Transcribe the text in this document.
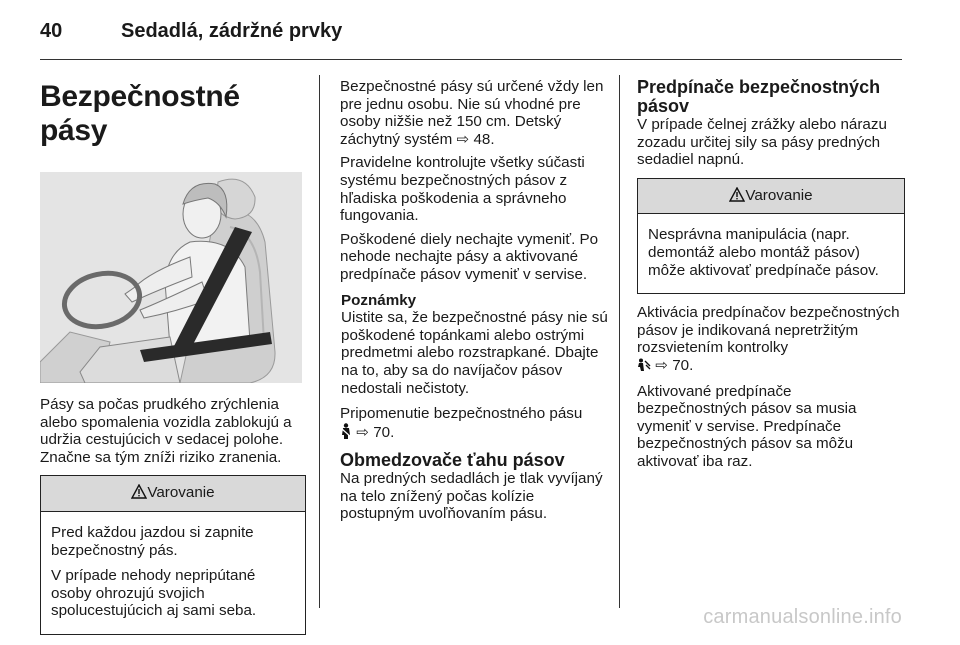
40	Sedadlá, zádržné prvky
Bezpečnostné pásy

Pásy sa počas prudkého zrýchlenia alebo spomalenia vozidla zablokujú a udržia cestujúcich v sedacej polohe. Značne sa tým zníži riziko zranenia.

Varovanie

Pred každou jazdou si zapnite bezpečnostný pás.

V prípade nehody nepripútané osoby ohrozujú svojich spolucestujúcich aj sami seba.

Bezpečnostné pásy sú určené vždy len pre jednu osobu. Nie sú vhodné pre osoby nižšie než 150 cm. Detský záchytný systém ⇨ 48.

Pravidelne kontrolujte všetky súčasti systému bezpečnostných pásov z hľadiska poškodenia a správneho fungovania.

Poškodené diely nechajte vymeniť. Po nehode nechajte pásy a aktivované predpínače pásov vymeniť v servise.

Poznámky
Uistite sa, že bezpečnostné pásy nie sú poškodené topánkami alebo ostrými predmetmi alebo rozstrapkané. Dbajte na to, aby sa do navíjačov pásov nedostali nečistoty.

Pripomenutie bezpečnostného pásu
⇨ 70.

Obmedzovače ťahu pásov

Na predných sedadlách je tlak vyvíjaný na telo znížený počas kolízie postupným uvoľňovaním pásu.

Predpínače bezpečnostných
pásov

V prípade čelnej zrážky alebo nárazu zozadu určitej sily sa pásy predných sedadiel napnú.

Varovanie

Nesprávna manipulácia (napr. demontáž alebo montáž pásov) môže aktivovať predpínače pásov.

Aktivácia predpínačov bezpečnostných pásov je indikovaná nepretržitým rozsvietením kontrolky
⇨ 70.

Aktivované predpínače bezpečnostných pásov sa musia vymeniť v servise. Predpínače bezpečnostných pásov sa môžu aktivovať iba raz.

carmanualsonline.info
